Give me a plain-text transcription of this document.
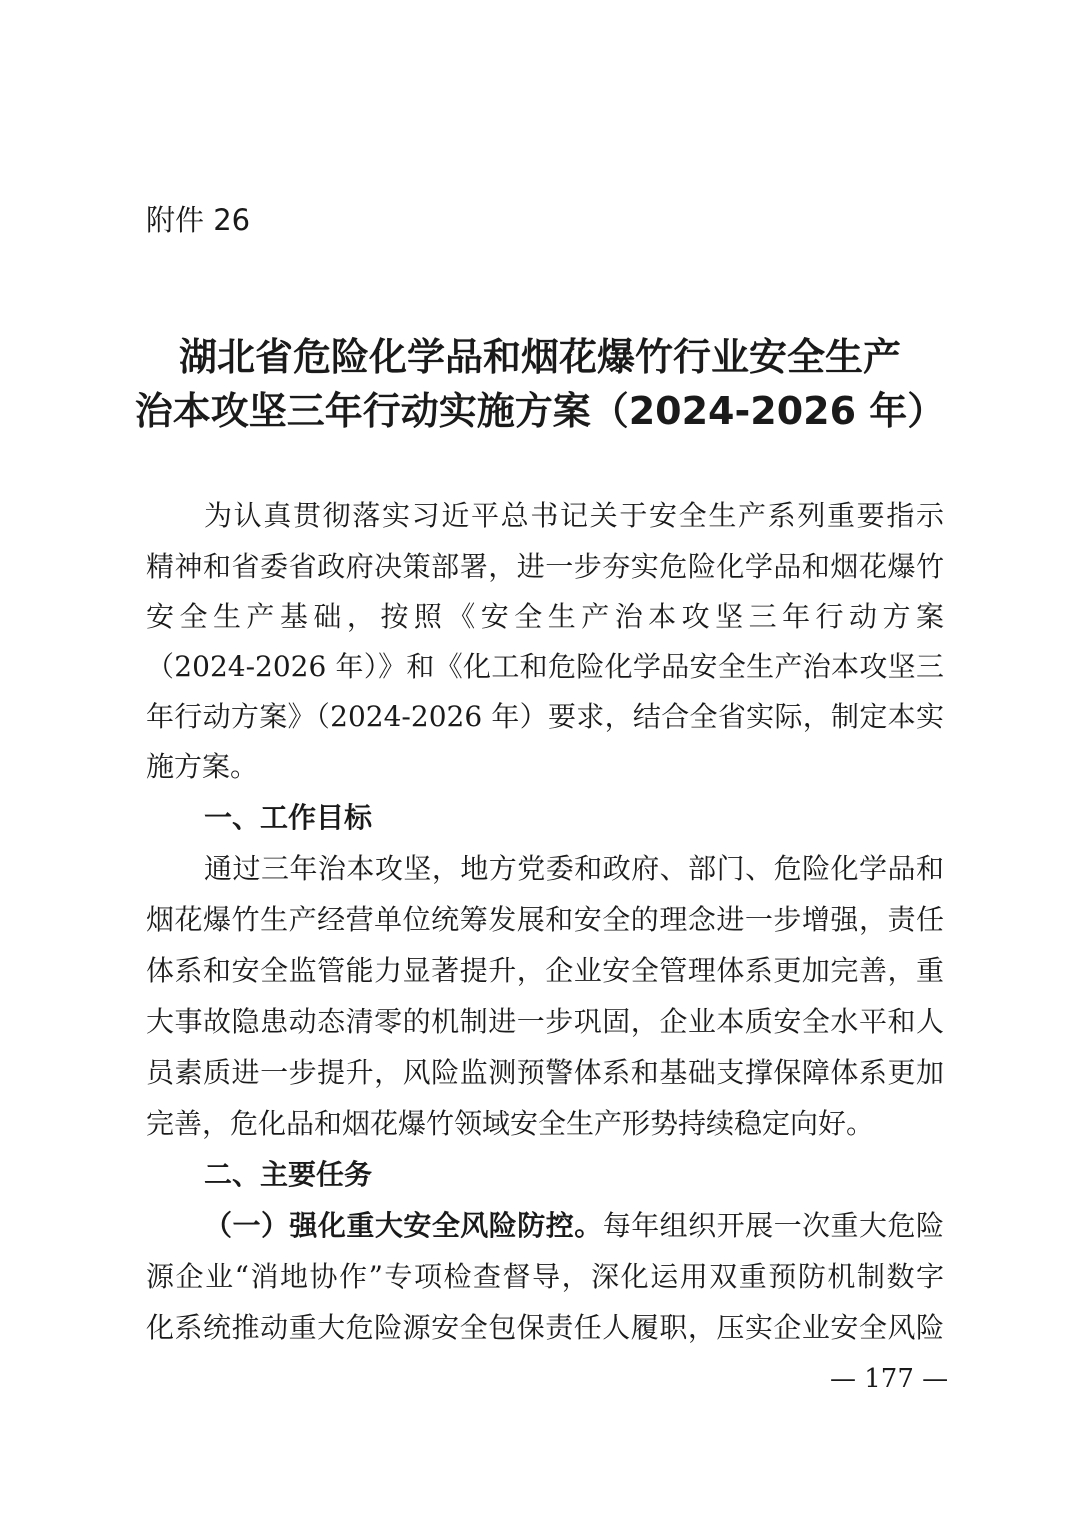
附件 26
湖北省危险化学品和烟花爆竹行业安全生产
治本攻坚三年行动实施方案（2024-2026 年）
为认真贯彻落实习近平总书记关于安全生产系列重要指示
精神和省委省政府决策部署，进一步夯实危险化学品和烟花爆竹
安全生产基础，按照《安全生产治本攻坚三年行动方案
（2024-2026 年）》和《化工和危险化学品安全生产治本攻坚三
年行动方案》（2024-2026 年）要求，结合全省实际，制定本实
施方案。
一、工作目标
通过三年治本攻坚，地方党委和政府、部门、危险化学品和
烟花爆竹生产经营单位统筹发展和安全的理念进一步增强，责任
体系和安全监管能力显著提升，企业安全管理体系更加完善，重
大事故隐患动态清零的机制进一步巩固，企业本质安全水平和人
员素质进一步提升，风险监测预警体系和基础支撑保障体系更加
完善，危化品和烟花爆竹领域安全生产形势持续稳定向好。
二、主要任务
（一）强化重大安全风险防控。每年组织开展一次重大危险
源企业“消地协作”专项检查督导，深化运用双重预防机制数字
化系统推动重大危险源安全包保责任人履职，压实企业安全风险
— 177 —
